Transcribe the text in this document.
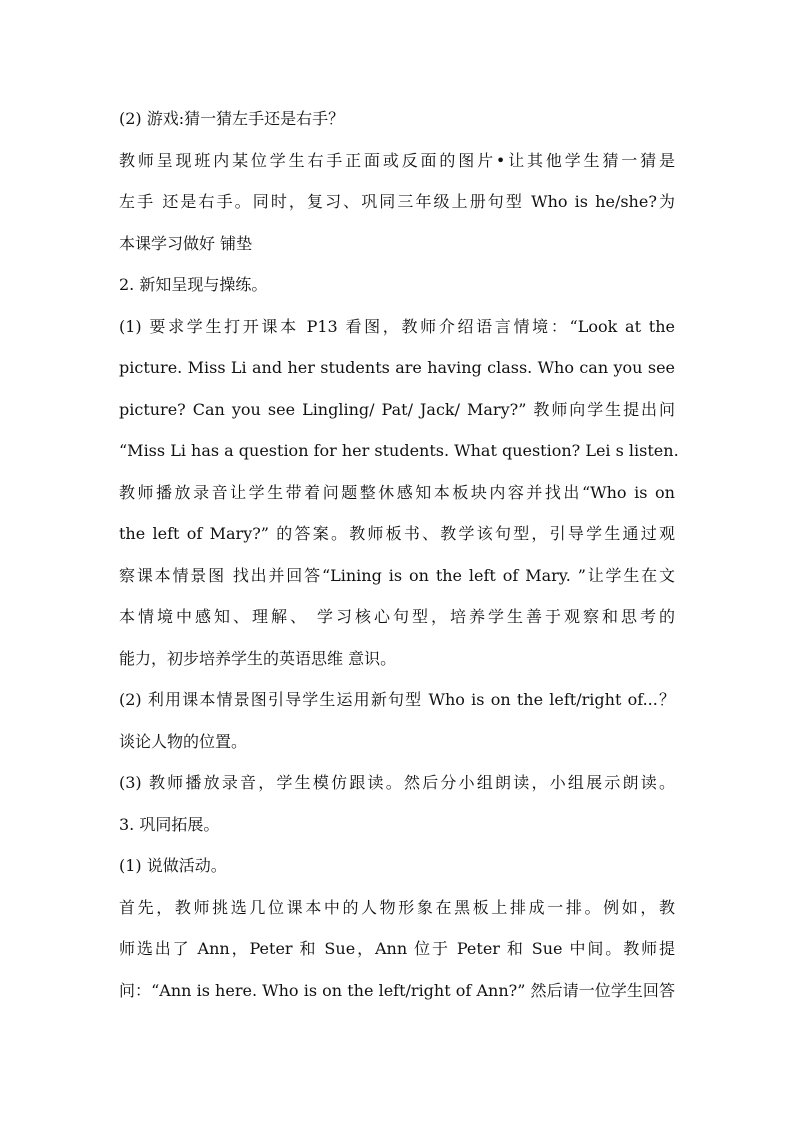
(2) 游戏:猜一猜左手还是右手？
教师呈现班内某位学生右手正面或反面的图片•让其他学生猜一猜是
左手 还是右手。同时，复习、巩同三年级上册句型 Who is he/she?为
本课学习做好 铺垫
2. 新知呈现与操练。
(1) 要求学生打开课本 P13 看图，教师介绍语言情境：“Look at the
picture. Miss Li and her students are having class. Who can you see
picture? Can you see Lingling/ Pat/ Jack/ Mary?” 教师向学生提出问
“Miss Li has a question for her students. What question? Lei s listen.
教师播放录音让学生带着问题整休感知本板块内容并找出“Who is on
the left of Mary?” 的答案。教师板书、教学该句型，引导学生通过观
察课本情景图 找出并回答“Lining is on the left of Mary. ”让学生在文
本情境中感知、理解、 学习核心句型，培养学生善于观察和思考的
能力，初步培养学生的英语思维 意识。
(2) 利用课本情景图引导学生运用新句型 Who is on the left/right of...？
谈论人物的位置。
(3) 教师播放录音，学生模仿跟读。然后分小组朗读，小组展示朗读。
3. 巩同拓展。
(1) 说做活动。
首先，教师挑选几位课本中的人物形象在黑板上排成一排。例如，教
师选出了 Ann，Peter 和 Sue，Ann 位于 Peter 和 Sue 中间。教师提
问：“Ann is here. Who is on the left/right of Ann?” 然后请一位学生回答
